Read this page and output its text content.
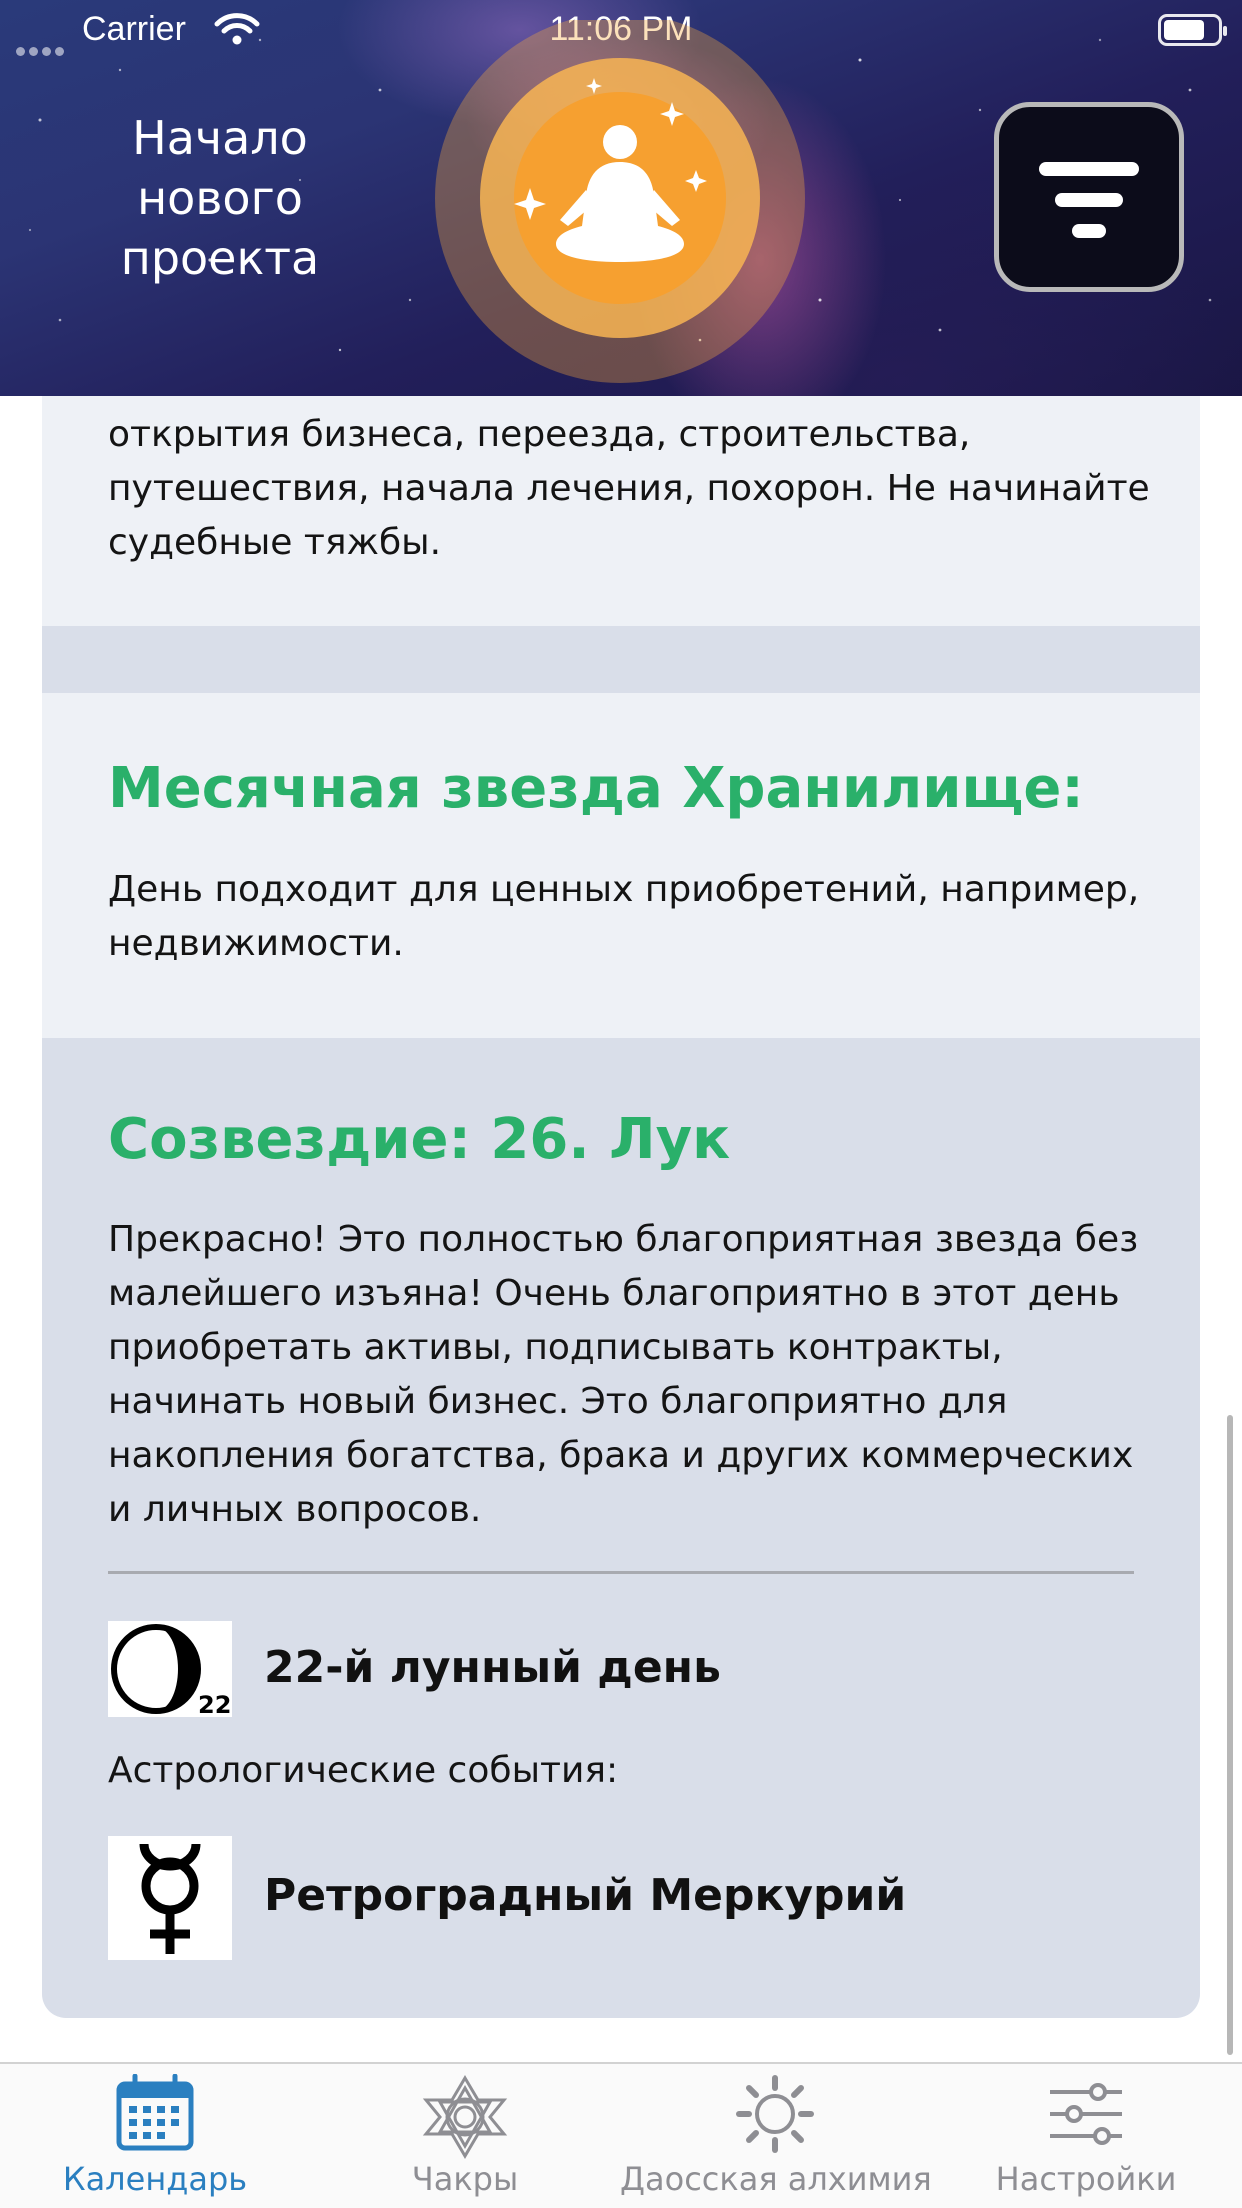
Carrier	11:06 PM
Начало нового проекта
открытия бизнеса, переезда, строительства, путешествия, начала лечения, похорон. Не начинайте судебные тяжбы.
Месячная звезда Хранилище:
День подходит для ценных приобретений, например, недвижимости.
Созвездие: 26. Лук
Прекрасно! Это полностью благоприятная звезда без малейшего изъяна! Очень благоприятно в этот день приобретать активы, подписывать контракты, начинать новый бизнес. Это благоприятно для накопления богатства, брака и других коммерческих и личных вопросов.
22
22-й лунный день
Астрологические события:
Ретроградный Меркурий
Календарь	Чакры	Даосская алхимия	Настройки
